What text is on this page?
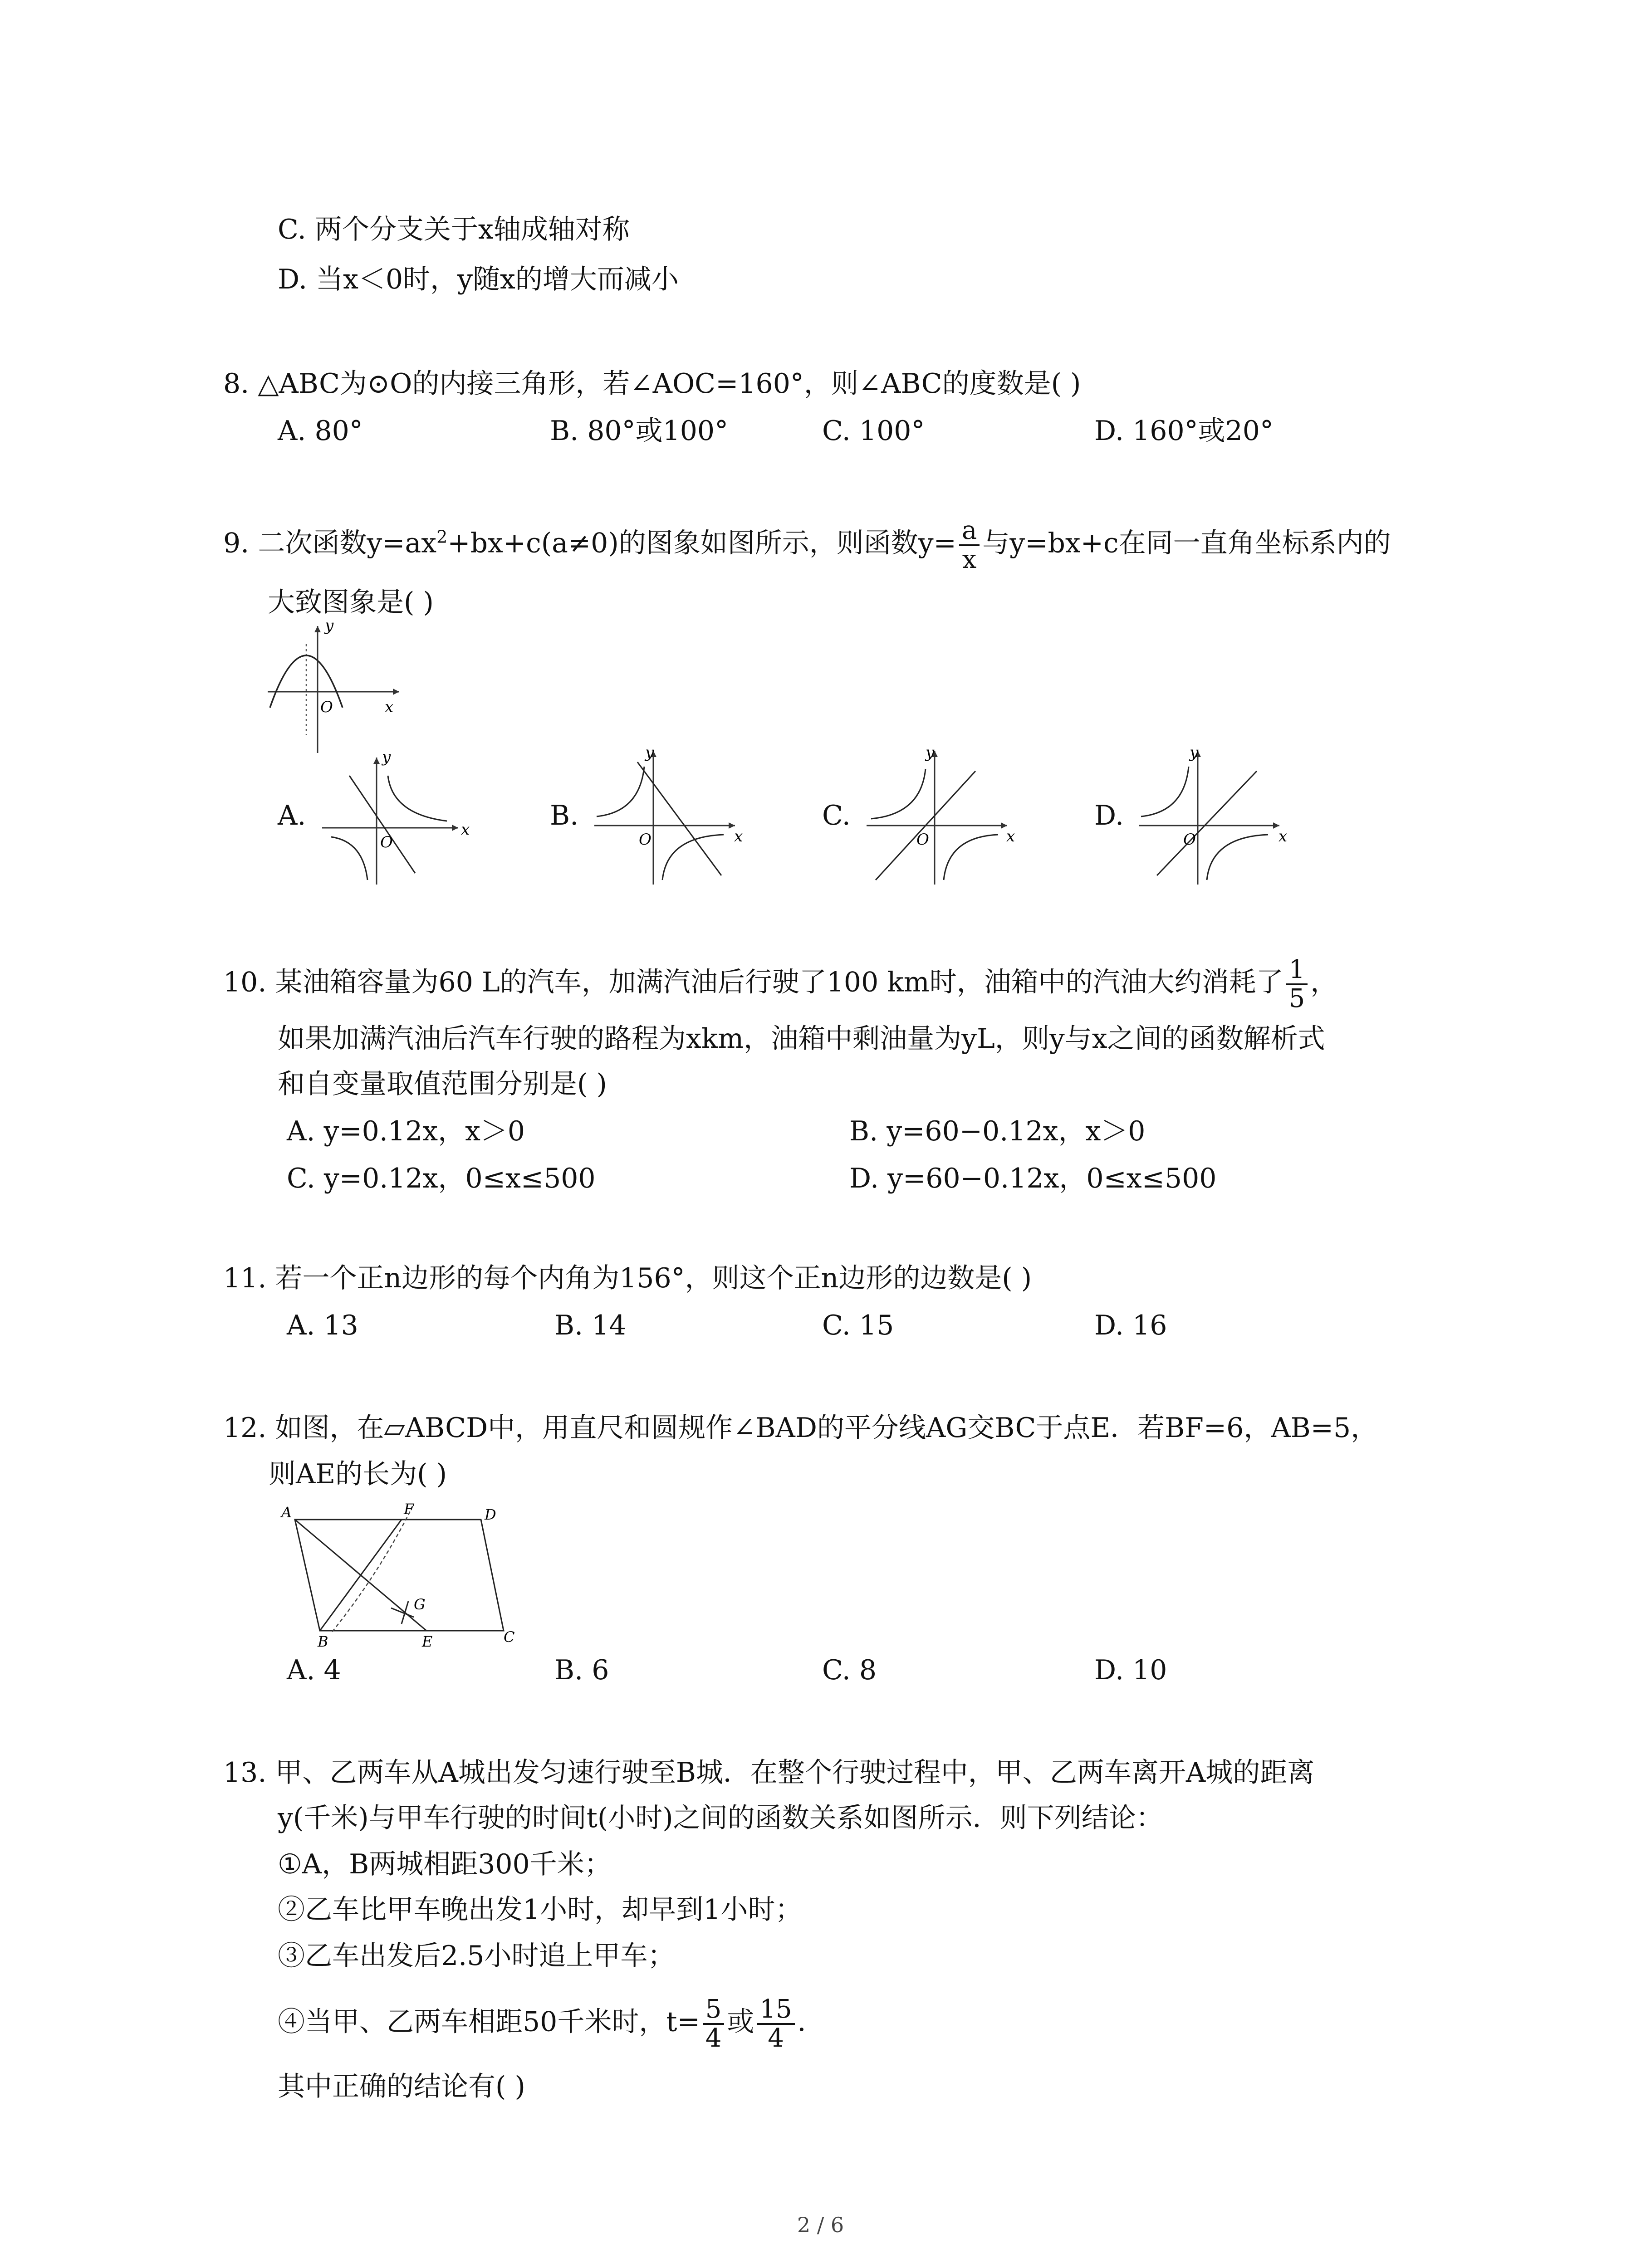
C. 两个分支关于x轴成轴对称
D. 当x＜0时，y随x的增大而减小
8. △ABC为⊙O的内接三角形，若∠AOC=160°，则∠ABC的度数是( )
A. 80°	B. 80°或100°	C. 100°	D. 160°或20°
9. 二次函数$y=ax^2+bx+c(a\ne 0)$的图象如图所示，则函数$y= \frac{a}{x}$ 与y=bx+c在同一直角坐标系内的
大致图象是( )
y
x
O
A.
y
x
O
B.
y
x
O
C.
y
x
O
D.
y
x
O
10. 某油箱容量为60 L的汽车，加满汽油后行驶了100 km时，油箱中的汽油大约消耗了 $\frac{1}{5}$ ，
如果加满汽油后汽车行驶的路程为xkm，油箱中剩油量为yL，则y与x之间的函数解析式
和自变量取值范围分别是( )
A. y=0.12x，x＞0	B. y=60−0.12x，x＞0
C. y=0.12x，0≤x≤500	D. y=60−0.12x，0≤x≤500
11. 若一个正n边形的每个内角为156°，则这个正n边形的边数是( )
A. 13	B. 14	C. 15	D. 16
12. 如图，在▱ABCD中，用直尺和圆规作∠BAD的平分线AG交BC于点E．若BF=6，AB=5，
则AE的长为( )
A	D
F
G
B	E	C
A. 4	B. 6	C. 8	D. 10
13. 甲、乙两车从A城出发匀速行驶至B城．在整个行驶过程中，甲、乙两车离开A城的距离
y(千米)与甲车行驶的时间t(小时)之间的函数关系如图所示．则下列结论：
①A，B两城相距300千米；
②乙车比甲车晚出发1小时，却早到1小时；
③乙车出发后2.5小时追上甲车；
④当甲、乙两车相距50千米时，$t= \frac{5}{4}$ 或 $\frac{15}{4}$ ．
其中正确的结论有( )
2 / 6
